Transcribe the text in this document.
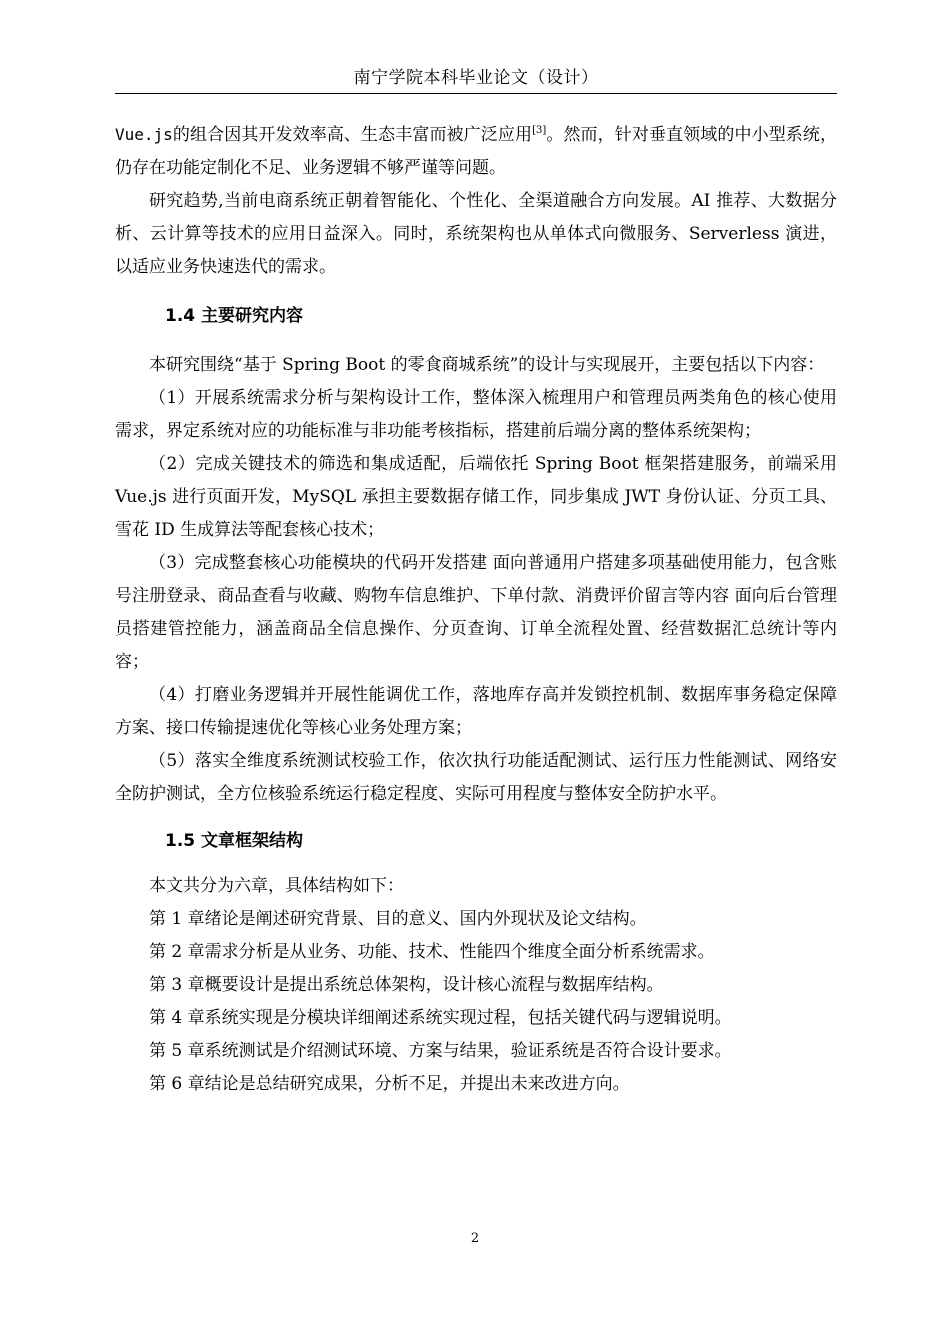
南宁学院本科毕业论文（设计）

Vue.js的组合因其开发效率高、生态丰富而被广泛应用[3]。然而，针对垂直领域的中小型系统，仍存在功能定制化不足、业务逻辑不够严谨等问题。

研究趋势,当前电商系统正朝着智能化、个性化、全渠道融合方向发展。AI 推荐、大数据分析、云计算等技术的应用日益深入。同时，系统架构也从单体式向微服务、Serverless 演进，以适应业务快速迭代的需求。

1.4 主要研究内容

本研究围绕“基于 Spring Boot 的零食商城系统”的设计与实现展开，主要包括以下内容：

（1）开展系统需求分析与架构设计工作，整体深入梳理用户和管理员两类角色的核心使用需求，界定系统对应的功能标准与非功能考核指标，搭建前后端分离的整体系统架构；

（2）完成关键技术的筛选和集成适配，后端依托 Spring Boot 框架搭建服务，前端采用 Vue.js 进行页面开发，MySQL 承担主要数据存储工作，同步集成 JWT 身份认证、分页工具、雪花 ID 生成算法等配套核心技术；

（3）完成整套核心功能模块的代码开发搭建 面向普通用户搭建多项基础使用能力，包含账号注册登录、商品查看与收藏、购物车信息维护、下单付款、消费评价留言等内容 面向后台管理员搭建管控能力，涵盖商品全信息操作、分页查询、订单全流程处置、经营数据汇总统计等内容；

（4）打磨业务逻辑并开展性能调优工作，落地库存高并发锁控机制、数据库事务稳定保障方案、接口传输提速优化等核心业务处理方案；

（5）落实全维度系统测试校验工作，依次执行功能适配测试、运行压力性能测试、网络安全防护测试，全方位核验系统运行稳定程度、实际可用程度与整体安全防护水平。

1.5 文章框架结构

本文共分为六章，具体结构如下：

第 1 章绪论是阐述研究背景、目的意义、国内外现状及论文结构。
第 2 章需求分析是从业务、功能、技术、性能四个维度全面分析系统需求。
第 3 章概要设计是提出系统总体架构，设计核心流程与数据库结构。
第 4 章系统实现是分模块详细阐述系统实现过程，包括关键代码与逻辑说明。
第 5 章系统测试是介绍测试环境、方案与结果，验证系统是否符合设计要求。
第 6 章结论是总结研究成果，分析不足，并提出未来改进方向。
2
